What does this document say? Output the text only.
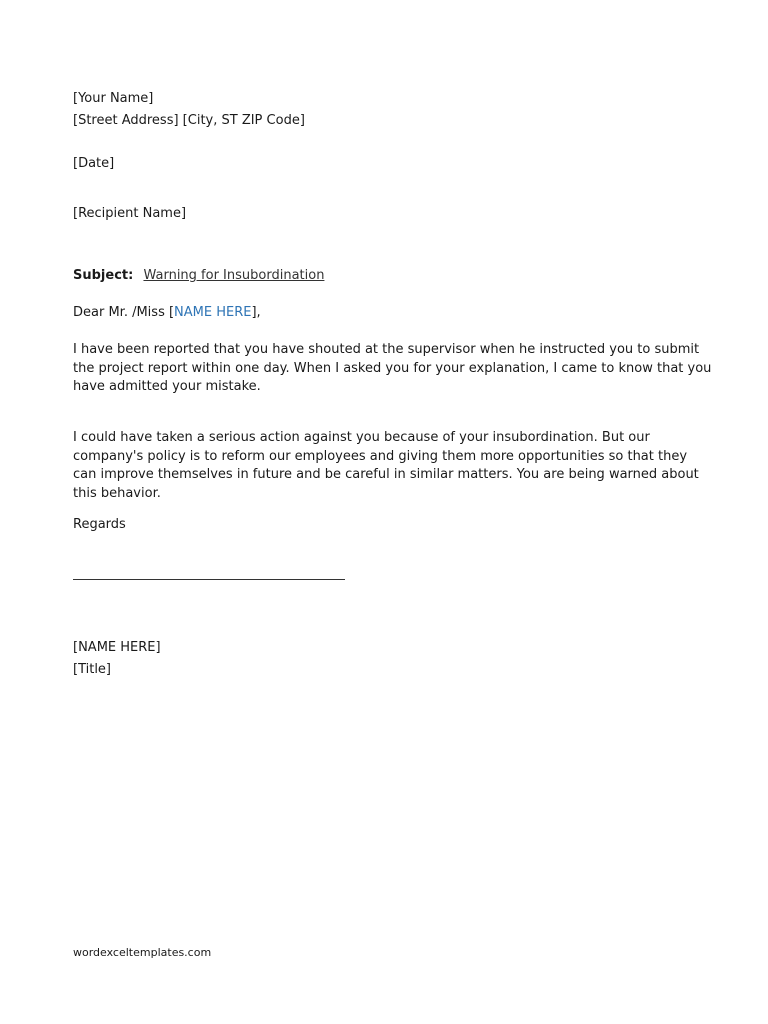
[Your Name]
[Street Address] [City, ST ZIP Code]
[Date]
[Recipient Name]
Subject: Warning for Insubordination
Dear Mr. /Miss [NAME HERE],
I have been reported that you have shouted at the supervisor when he instructed you to submit the project report within one day. When I asked you for your explanation, I came to know that you have admitted your mistake.
I could have taken a serious action against you because of your insubordination. But our company's policy is to reform our employees and giving them more opportunities so that they can improve themselves in future and be careful in similar matters. You are being warned about this behavior.
Regards
[NAME HERE]
[Title]
wordexceltemplates.com
